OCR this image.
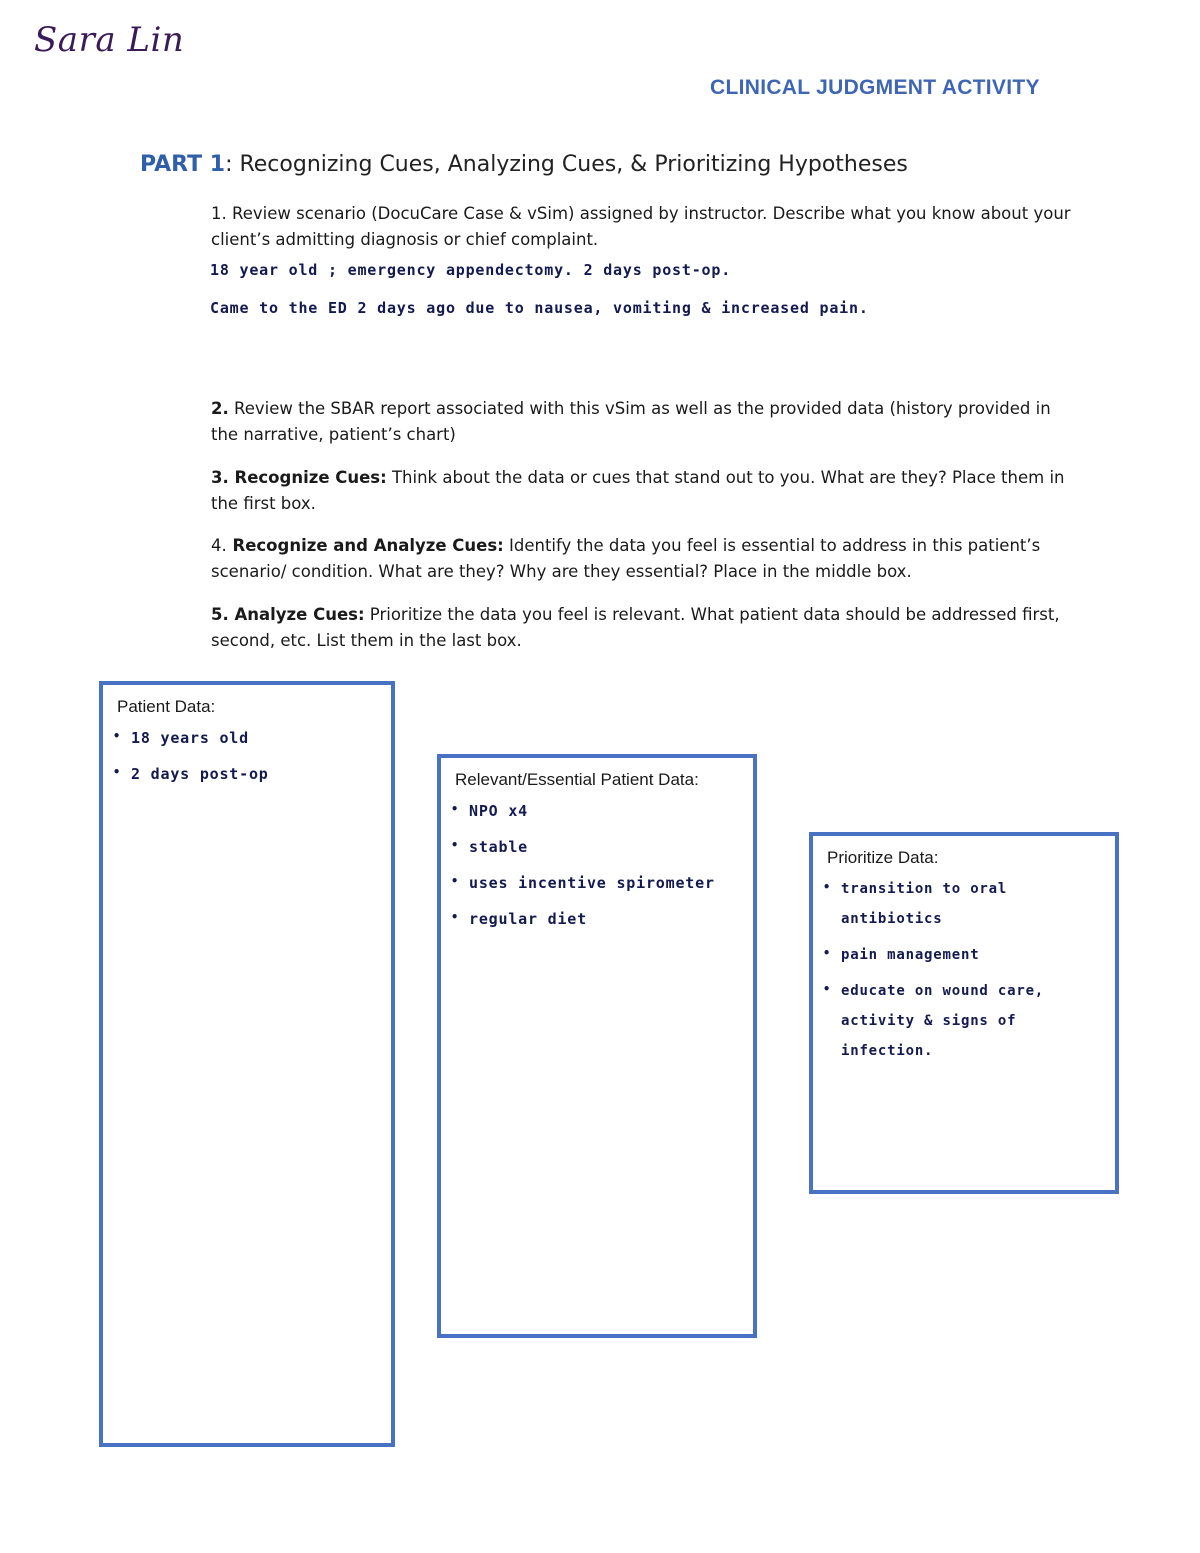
Sara Lin
CLINICAL JUDGMENT ACTIVITY
PART 1: Recognizing Cues, Analyzing Cues, & Prioritizing Hypotheses
1. Review scenario (DocuCare Case & vSim) assigned by instructor. Describe what you know about your client’s admitting diagnosis or chief complaint.
18 year old ; emergency appendectomy. 2 days post-op.
Came to the ED 2 days ago due to nausea, vomiting & increased pain.
2. Review the SBAR report associated with this vSim as well as the provided data (history provided in the narrative, patient’s chart)
3. Recognize Cues: Think about the data or cues that stand out to you. What are they? Place them in the first box.
4. Recognize and Analyze Cues: Identify the data you feel is essential to address in this patient’s scenario/ condition. What are they? Why are they essential? Place in the middle box.
5. Analyze Cues: Prioritize the data you feel is relevant. What patient data should be addressed first, second, etc. List them in the last box.
Patient Data:
• 18 years old
• 2 days post-op	Relevant/Essential Patient Data:
• NPO x4
• stable
• uses incentive spirometer
• regular diet
Prioritize Data:
• transition to oral antibiotics
• pain management
• educate on wound care, activity & signs of infection.
